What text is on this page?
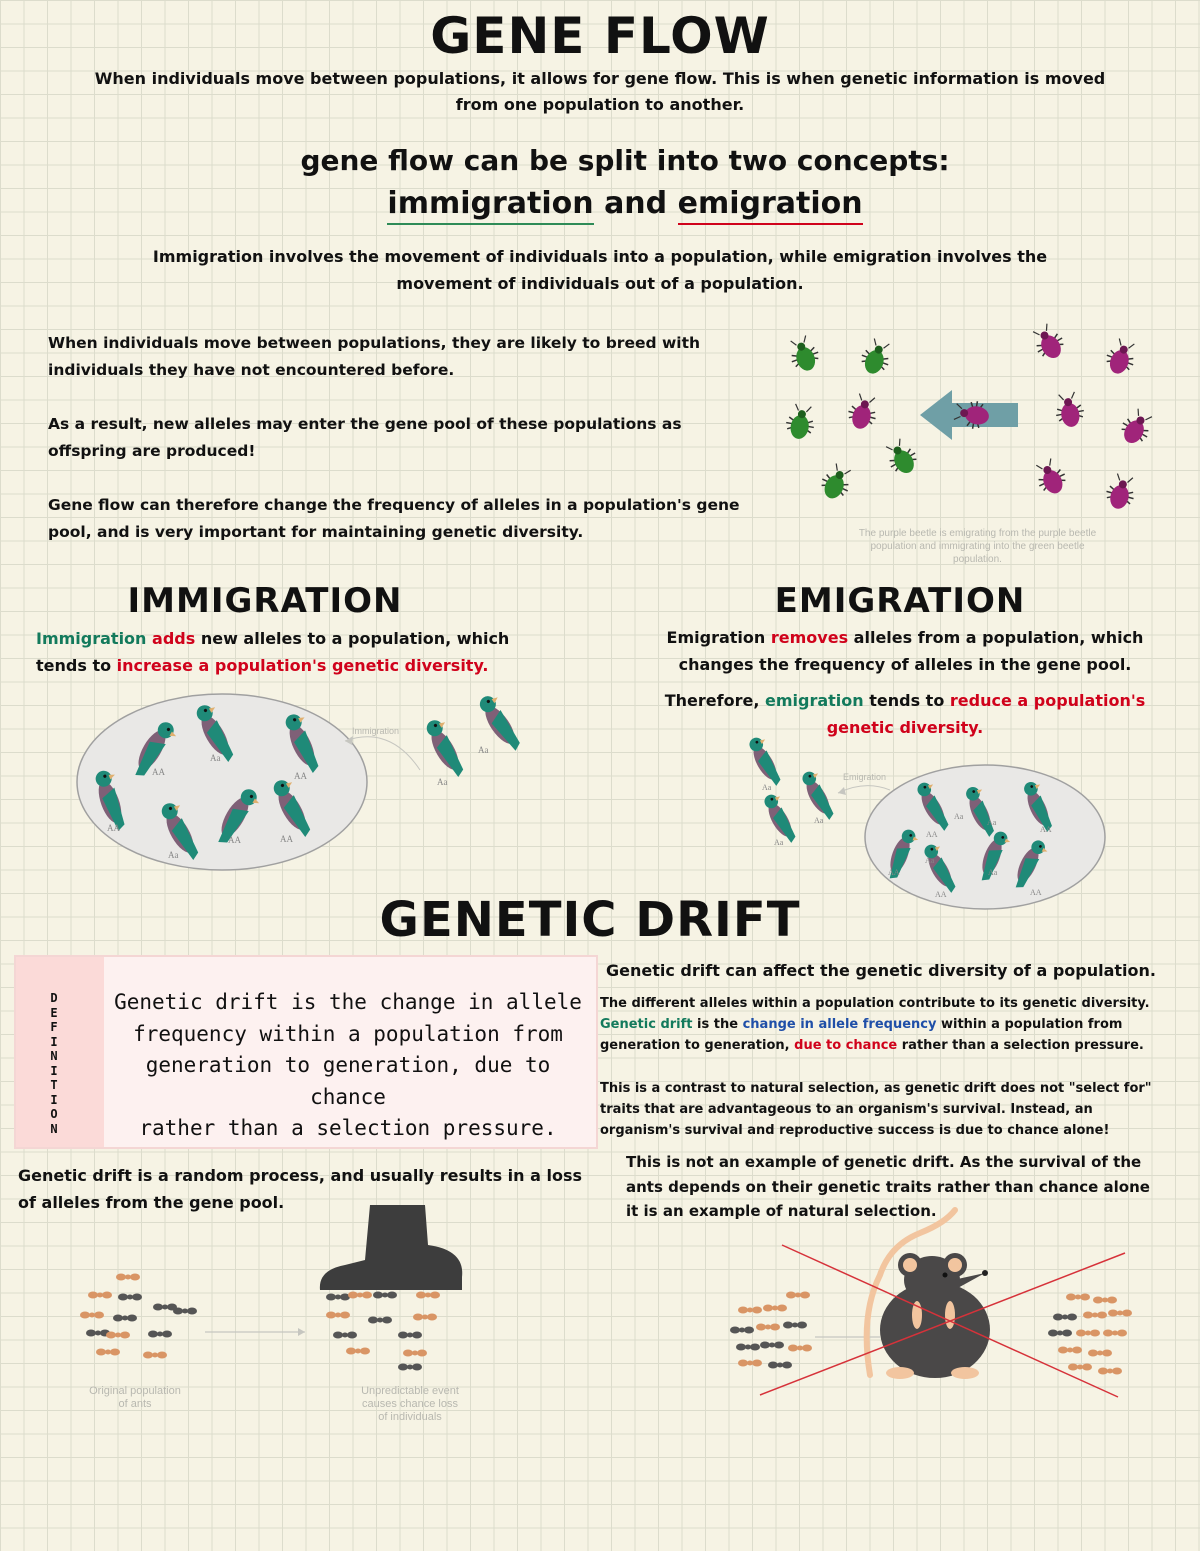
GENE FLOW
When individuals move between populations, it allows for gene flow. This is when genetic information is moved
from one population to another.
gene flow can be split into two concepts:
immigration and emigration
Immigration involves the movement of individuals into a population, while emigration involves the
movement of individuals out of a population.
When individuals move between populations, they are likely to breed with
individuals they have not encountered before.
As a result, new alleles may enter the gene pool of these populations as
offspring are produced!
Gene flow can therefore change the frequency of alleles in a population's gene
pool, and is very important for maintaining genetic diversity.	The purple beetle is emigrating from the purple beetle population and immigrating into the green beetle population.
IMMIGRATION
Immigration adds new alleles to a population, which
tends to increase a population's genetic diversity.
AA
Aa
AA
AA
Aa
AA	AA
Aa
Aa
Immigration
EMIGRATION
Emigration removes alleles from a population, which
changes the frequency of alleles in the gene pool.
Therefore, emigration tends to reduce a population's
genetic diversity.
Aa
Aa
Aa
AA
Aa
AA
AA
Aa
AA
Aa
AA
Aa
Emigration
GENETIC DRIFT
DEFINITION
Genetic drift is the change in allele
frequency within a population from
generation to generation, due to chance
rather than a selection pressure.
Genetic drift can affect the genetic diversity of a population.
The different alleles within a population contribute to its genetic diversity.
Genetic drift is the change in allele frequency within a population from
generation to generation, due to chance rather than a selection pressure.
This is a contrast to natural selection, as genetic drift does not "select for"
traits that are advantageous to an organism's survival. Instead, an
organism's survival and reproductive success is due to chance alone!
Genetic drift is a random process, and usually results in a loss
of alleles from the gene pool.
This is not an example of genetic drift. As the survival of the
ants depends on their genetic traits rather than chance alone
it is an example of natural selection.
Original population
of ants
Unpredictable event
causes chance loss
of individuals
